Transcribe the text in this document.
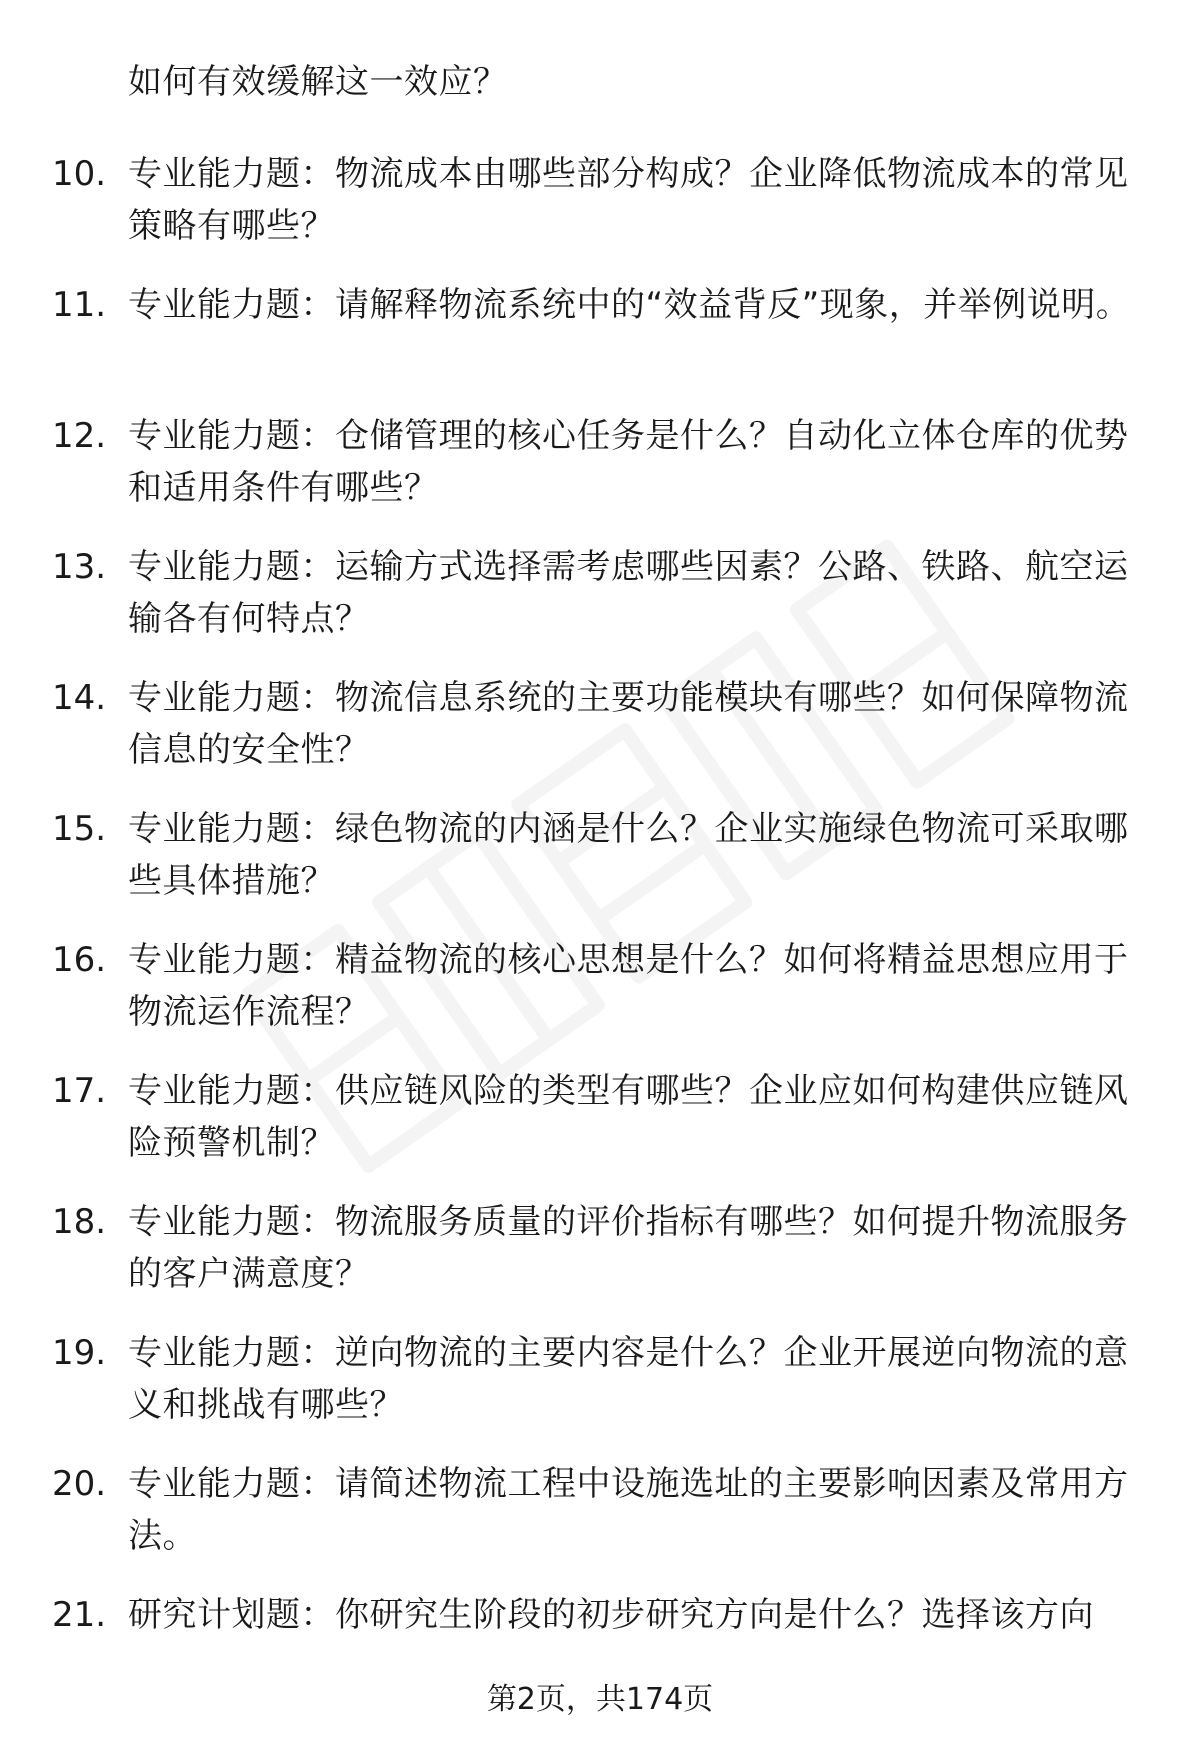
如何有效缓解这一效应？
10. 专业能力题：物流成本由哪些部分构成？企业降低物流成本的常见策略有哪些？
11. 专业能力题：请解释物流系统中的“效益背反”现象，并举例说明。
12. 专业能力题：仓储管理的核心任务是什么？自动化立体仓库的优势和适用条件有哪些？
13. 专业能力题：运输方式选择需考虑哪些因素？公路、铁路、航空运输各有何特点？
14. 专业能力题：物流信息系统的主要功能模块有哪些？如何保障物流信息的安全性？
15. 专业能力题：绿色物流的内涵是什么？企业实施绿色物流可采取哪些具体措施？
16. 专业能力题：精益物流的核心思想是什么？如何将精益思想应用于物流运作流程？
17. 专业能力题：供应链风险的类型有哪些？企业应如何构建供应链风险预警机制？
18. 专业能力题：物流服务质量的评价指标有哪些？如何提升物流服务的客户满意度？
19. 专业能力题：逆向物流的主要内容是什么？企业开展逆向物流的意义和挑战有哪些？
20. 专业能力题：请简述物流工程中设施选址的主要影响因素及常用方法。
21. 研究计划题：你研究生阶段的初步研究方向是什么？选择该方向
第2页，共174页
